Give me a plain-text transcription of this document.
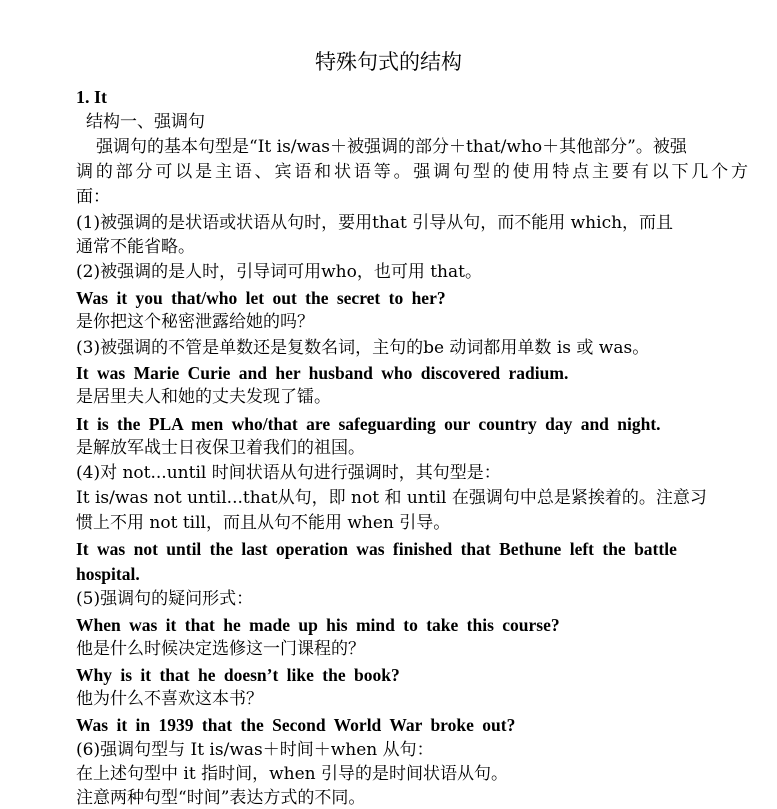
特殊句式的结构
1. It
结构一、强调句
强调句的基本句型是“It is/was＋被强调的部分＋that/who＋其他部分”。被强
调的部分可以是主语、宾语和状语等。强调句型的使用特点主要有以下几个方
面：
(1)被强调的是状语或状语从句时，要用that 引导从句，而不能用 which，而且
通常不能省略。
(2)被强调的是人时，引导词可用who，也可用 that。
Was it you that/who let out the secret to her?
是你把这个秘密泄露给她的吗？
(3)被强调的不管是单数还是复数名词，主句的be 动词都用单数 is 或 was。
It was Marie Curie and her husband who discovered radium.
是居里夫人和她的丈夫发现了镭。
It is the PLA men who/that are safeguarding our country day and night.
是解放军战士日夜保卫着我们的祖国。
(4)对 not...until 时间状语从句进行强调时，其句型是：
It is/was not until...that从句，即 not 和 until 在强调句中总是紧挨着的。注意习
惯上不用 not till，而且从句不能用 when 引导。
It was not until the last operation was finished that Bethune left the battle
hospital.
(5)强调句的疑问形式：
When was it that he made up his mind to take this course?
他是什么时候决定选修这一门课程的？
Why is it that he doesn’t like the book?
他为什么不喜欢这本书？
Was it in 1939 that the Second World War broke out?
(6)强调句型与 It is/was＋时间＋when 从句：
在上述句型中 it 指时间，when 引导的是时间状语从句。
注意两种句型“时间”表达方式的不同。
